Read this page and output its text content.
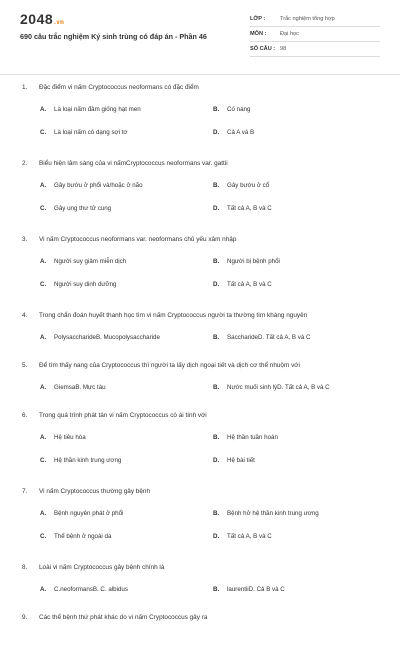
2048.vn
690 câu trắc nghiệm Ký sinh trùng có đáp án - Phần 46
LỚP :	Trắc nghiệm tổng hợp
MÔN :	Đại học
SỐ CÂU : 98
1. Đặc điểm vi nấm Cryptococcus neoformans có đặc điểm
A. Là loại nấm đảm giống hạt men	B. Có nang
C. Là loại nấm có dạng sợi tơ	D. Cả A và B
2. Biểu hiện lâm sàng của vi nấmCryptococcus neoformans var. gattii
A. Gây bướu ở phổi và/hoặc ở não	B. Gây bướu ở cổ
C. Gây ung thư tử cung	D. Tất cả A, B và C
3. Vi nấm Cryptococcus neoformans var. neoformans chủ yếu xâm nhập
A. Người suy giảm miễn dịch	B. Người bị bệnh phổi
C. Người suy dinh dưỡng	D. Tất cả A, B và C
4. Trong chẩn đoán huyết thanh học tìm vi nấm Cryptococcus người ta thường tìm kháng nguyên
A. PolysaccharideB. Mucopolysaccharide	B. SaccharideD. Tất cả A, B và C
5. Để tìm thấy nang của Cryptococcus thì người ta lấy dịch ngoại tiết và dịch cơ thể nhuộm với
A. GiemsaB. Mực tàu	B. Nước muối sinh lýD. Tất cả A, B và C
6. Trong quá trình phát tán vi nấm Cryptococcus có ái tính với
A. Hệ tiêu hóa	B. Hệ thần tuần hoàn
C. Hệ thần kinh trung ương	D. Hệ bài tiết
7. Vi nấm Cryptococcus thường gây bệnh
A. Bệnh nguyên phát ở phổi	B. Bệnh hở hệ thần kinh trung ương
C. Thể bệnh ở ngoài da	D. Tất cả A, B và C
8. Loài vi nấm Cryptococcus gây bệnh chính là
A. C.neoformansB. C. albidus	B. laurentiiD. Cả B và C
9. Các thể bệnh thứ phát khác do vi nấm Cryptococcus gây ra
